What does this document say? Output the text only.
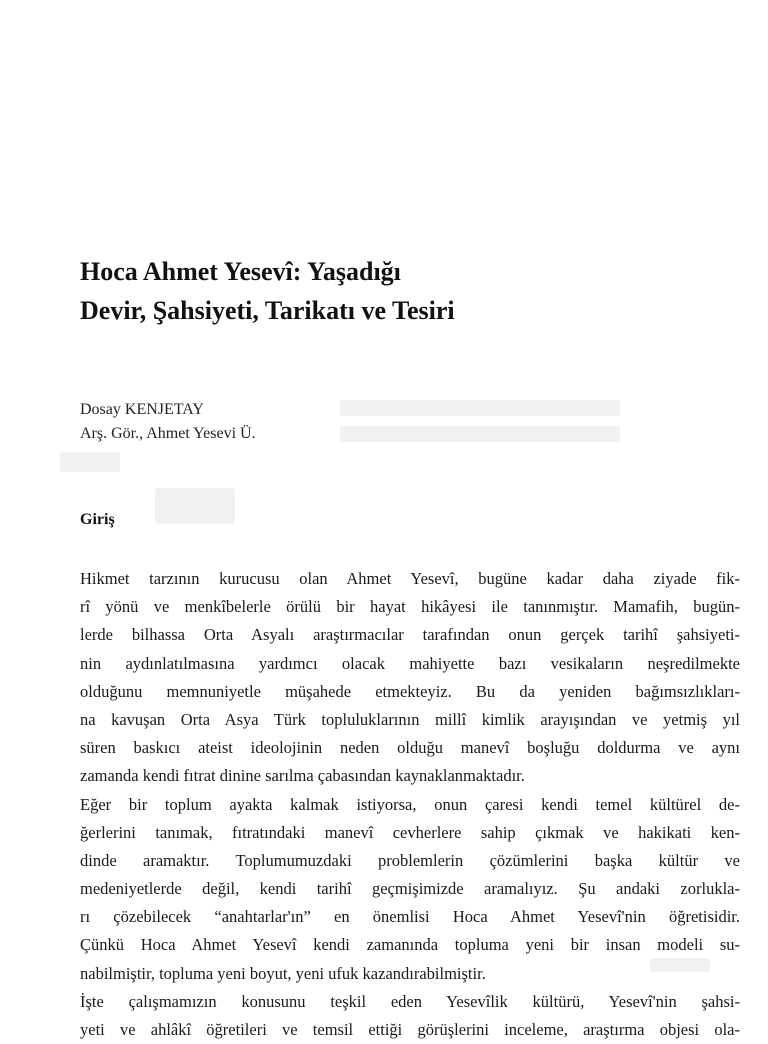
Hoca Ahmet Yesevî: Yaşadığı
Devir, Şahsiyeti, Tarikatı ve Tesiri
Dosay KENJETAY
Arş. Gör., Ahmet Yesevi Ü.
Giriş
Hikmet tarzının kurucusu olan Ahmet Yesevî, bugüne kadar daha ziyade fik-
rî yönü ve menkîbelerle örülü bir hayat hikâyesi ile tanınmıştır. Mamafih, bugün-
lerde bilhassa Orta Asyalı araştırmacılar tarafından onun gerçek tarihî şahsiyeti-
nin aydınlatılmasına yardımcı olacak mahiyette bazı vesikaların neşredilmekte
olduğunu memnuniyetle müşahede etmekteyiz. Bu da yeniden bağımsızlıkları-
na kavuşan Orta Asya Türk topluluklarının millî kimlik arayışından ve yetmiş yıl
süren baskıcı ateist ideolojinin neden olduğu manevî boşluğu doldurma ve aynı
zamanda kendi fıtrat dinine sarılma çabasından kaynaklanmaktadır.
Eğer bir toplum ayakta kalmak istiyorsa, onun çaresi kendi temel kültürel de-
ğerlerini tanımak, fıtratındaki manevî cevherlere sahip çıkmak ve hakikati ken-
dinde aramaktır. Toplumumuzdaki problemlerin çözümlerini başka kültür ve
medeniyetlerde değil, kendi tarihî geçmişimizde aramalıyız. Şu andaki zorlukla-
rı çözebilecek “anahtarlar'ın” en önemlisi Hoca Ahmet Yesevî'nin öğretisidir.
Çünkü Hoca Ahmet Yesevî kendi zamanında topluma yeni bir insan modeli su-
nabilmiştir, topluma yeni boyut, yeni ufuk kazandırabilmiştir.
İşte çalışmamızın konusunu teşkil eden Yesevîlik kültürü, Yesevî'nin şahsi-
yeti ve ahlâkî öğretileri ve temsil ettiği görüşlerini inceleme, araştırma objesi ola-
